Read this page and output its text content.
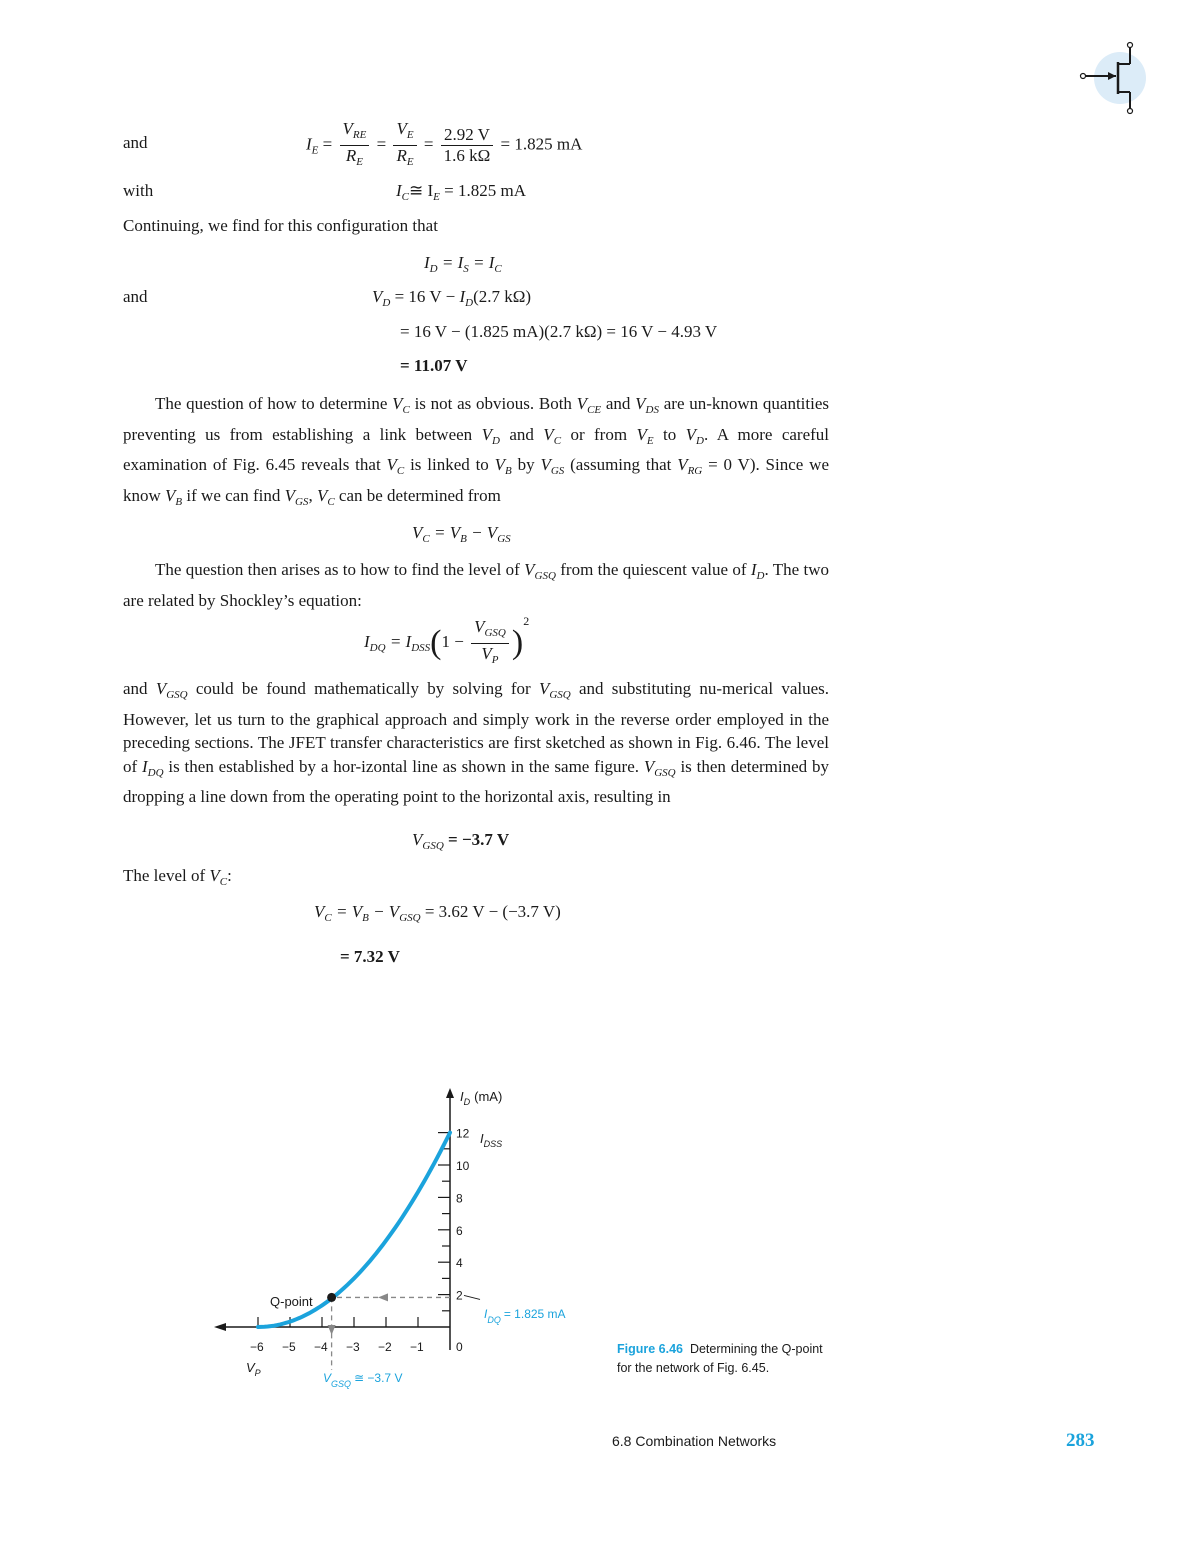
and	$I_E = \frac{V_{RE}}{R_E} = \frac{V_E}{R_E} = \frac{2.92 V}{1.6 k\Omega} = 1.825$ mA
with	$I_C≅$ $I_E = 1.825$ mA
Continuing, we find for this configuration that
$I_D = I_S = I_C$
and	$V_D = 16$ $V - I_D(2.7$ kΩ)
= 16 V − (1.825 mA)(2.7 kΩ) = 16 V − 4.93 V
= 11.07 V
The question of how to determine $V_C$ is not as obvious. Both $V_{CE}$ and $V_{DS}$ are un-known quantities preventing us from establishing a link between $V_D$ and $V_C$ or from $V_E$ to $V_D$. A more careful examination of Fig. 6.45 reveals that $V_C$ is linked to $V_B$ by $V_{GS}$ (assuming that $V_{RG} = 0$ V). Since we know $V_B$ if we can find $V_{GS}$, $V_C$ can be determined from
$V_C = V_B - V_{GS}$
The question then arises as to how to find the level of $V_{GSQ}$ from the quiescent value of $I_D$. The two are related by Shockley’s equation:
$I_{DQ} = I_{DSS}(1 - \frac{V_{GSQ}}{V_P} )^2$
and $V_{GSQ}$ could be found mathematically by solving for $V_{GSQ}$ and substituting nu-merical values. However, let us turn to the graphical approach and simply work in the reverse order employed in the preceding sections. The JFET transfer characteristics are first sketched as shown in Fig. 6.46. The level of $I_{DQ}$ is then established by a hor-izontal line as shown in the same figure. $V_{GSQ}$ is then determined by dropping a line down from the operating point to the horizontal axis, resulting in
$V_{GSQ} = -3.7$ V
The level of $V_C$:
$V_C = V_B - V_{GSQ} = 3.62$ V − (−3.7 V)
= 7.32 V
2
4
6
8
10
12
−6 −5 −4 −3 −2 −1	0
$I_D$ (mA)
$I_{DSS}$
Q-point
$I_{DQ} = 1.825$ mA
$V_{GSQ}$ ≅ −3.7 V
$V_P$
Figure 6.46 Determining the Q-point for the network of Fig. 6.45.
6.8 Combination Networks	283
